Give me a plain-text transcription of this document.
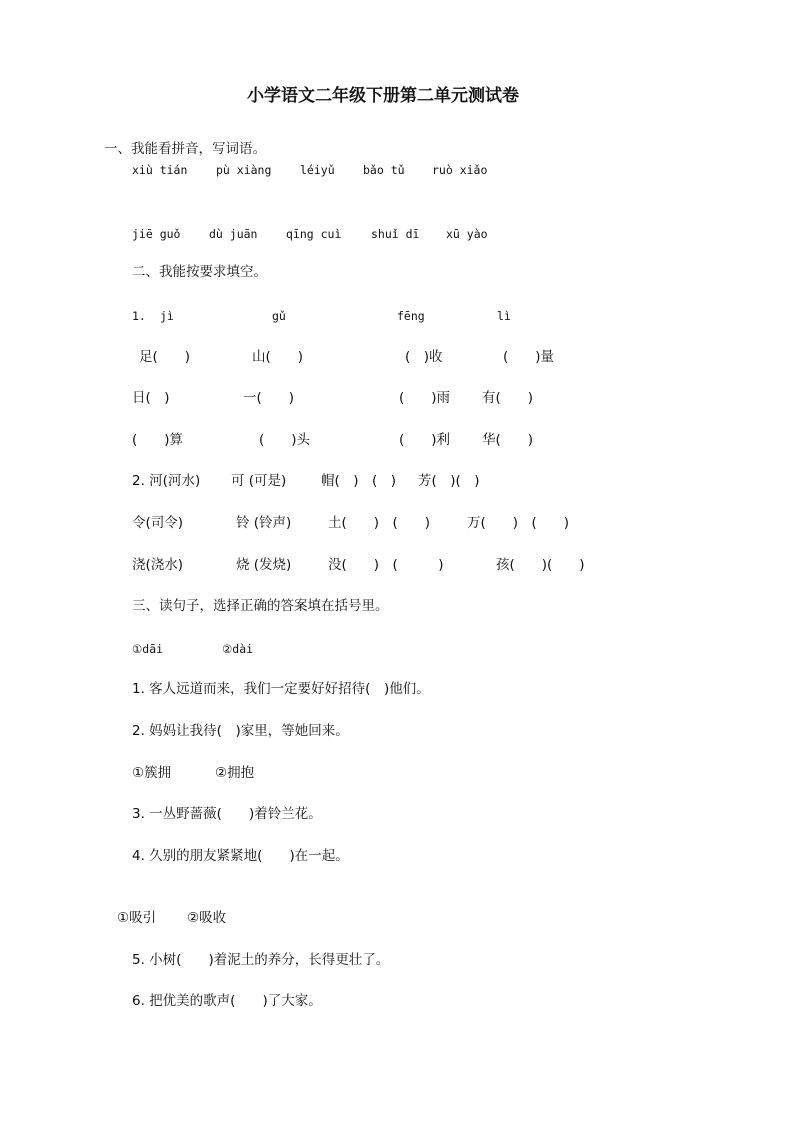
小学语文二年级下册第二单元测试卷
一、我能看拼音，写词语。
xiù tián pù xiàng léiyǔ bǎo tǔ ruò xiǎo
jiē guǒ dù juān qīng cuì	shuǐ dī xū yào
二、我能按要求填空。
1. jì	gǔ	fēng	lì
足(　　)	山(　　)	(　)收	(　　)量
日(　)	一(　　)	(　　)雨 有(　　)
(　　)算	(　　)头	(　　)利 华(　　)
2. 河(河水) 可 (可是)	帽(　)　(　) 芳(　)(　)
令(司令)	铃 (铃声)	土(　　)　(　　)	万(　　)　(　　)
浇(浇水)	烧 (发烧)	没(　　)　(　　　)	孩(　　)(　　)
三、读句子，选择正确的答案填在括号里。
①dāi	②dài
1. 客人远道而来，我们一定要好好招待(　)他们。
2. 妈妈让我待(　)家里，等她回来。
①簇拥	②拥抱
3. 一丛野蔷薇(　　)着铃兰花。
4. 久别的朋友紧紧地(　　)在一起。
①吸引 ②吸收
5. 小树(　　)着泥土的养分，长得更壮了。
6. 把优美的歌声(　　)了大家。
